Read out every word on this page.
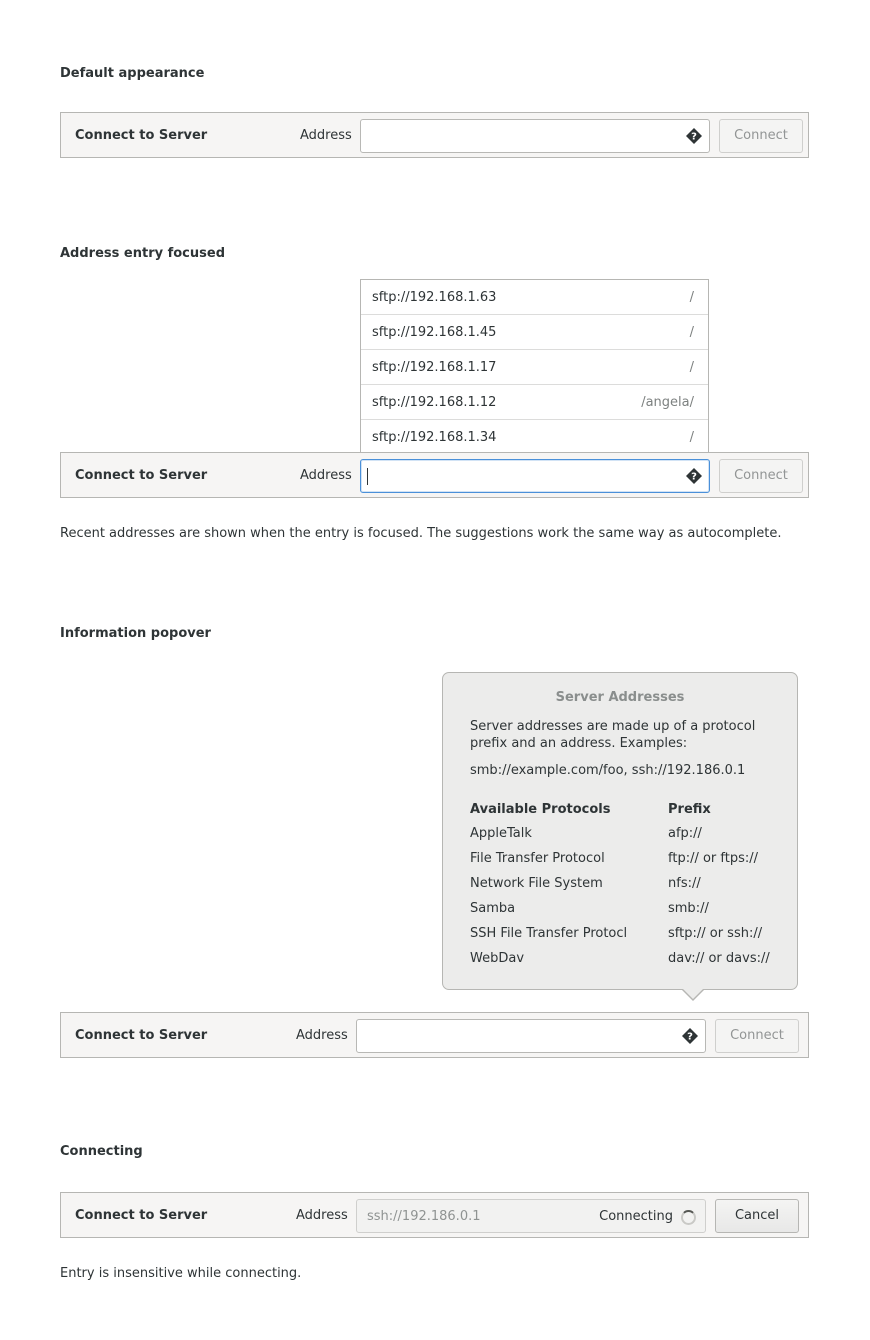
Default appearance
Connect to Server	Address	?	Connect
Address entry focused
sftp://192.168.1.63	/
sftp://192.168.1.45	/
sftp://192.168.1.17	/
sftp://192.168.1.12	/angela/
sftp://192.168.1.34	/
Connect to Server	Address	?	Connect
Recent addresses are shown when the entry is focused. The suggestions work the same way as autocomplete.
Information popover
Server Addresses
Server addresses are made up of a protocol prefix and an address. Examples:
smb://example.com/foo, ssh://192.186.0.1
Available Protocols	Prefix
AppleTalk	afp://
File Transfer Protocol	ftp:// or ftps://
Network File System	nfs://
Samba	smb://
SSH File Transfer Protocl	sftp:// or ssh://
WebDav	dav:// or davs://
Connect to Server	Address	?	Connect
Connecting
Connect to Server	Address ssh://192.186.0.1	Connecting	Cancel
Entry is insensitive while connecting.
